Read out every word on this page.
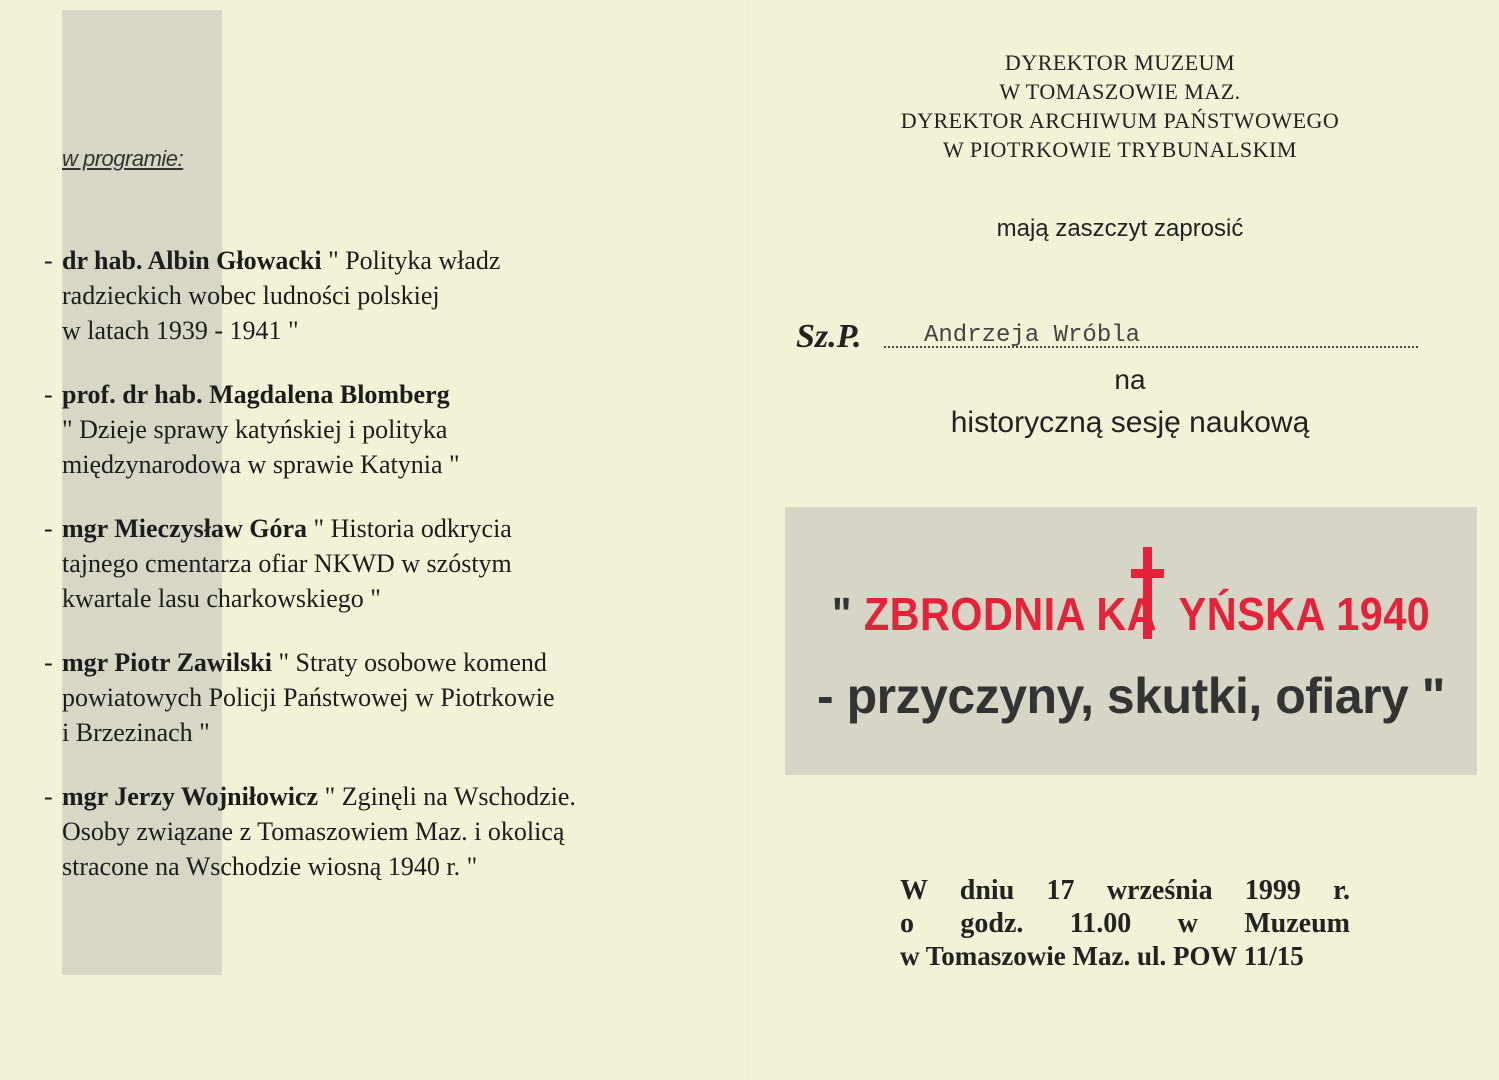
w programie:
- dr hab. Albin Głowacki " Polityka władz
radzieckich wobec ludności polskiej
w latach 1939 - 1941 "
- prof. dr hab. Magdalena Blomberg
" Dzieje sprawy katyńskiej i polityka
międzynarodowa w sprawie Katynia "
- mgr Mieczysław Góra " Historia odkrycia
tajnego cmentarza ofiar NKWD w szóstym
kwartale lasu charkowskiego "
- mgr Piotr Zawilski " Straty osobowe komend
powiatowych Policji Państwowej w Piotrkowie
i Brzezinach "
- mgr Jerzy Wojniłowicz " Zginęli na Wschodzie.
Osoby związane z Tomaszowiem Maz. i okolicą
stracone na Wschodzie wiosną 1940 r. "
DYREKTOR MUZEUM
W TOMASZOWIE MAZ.
DYREKTOR ARCHIWUM PAŃSTWOWEGO
W PIOTRKOWIE TRYBUNALSKIM
mają zaszczyt zaprosić
Sz.P.	Andrzeja Wróbla
na
historyczną sesję naukową
" ZBRODNIA KA YŃSKA 1940
- przyczyny, skutki, ofiary "
W dniu 17 września 1999 r.
o godz. 11.00 w Muzeum
w Tomaszowie Maz. ul. POW 11/15
